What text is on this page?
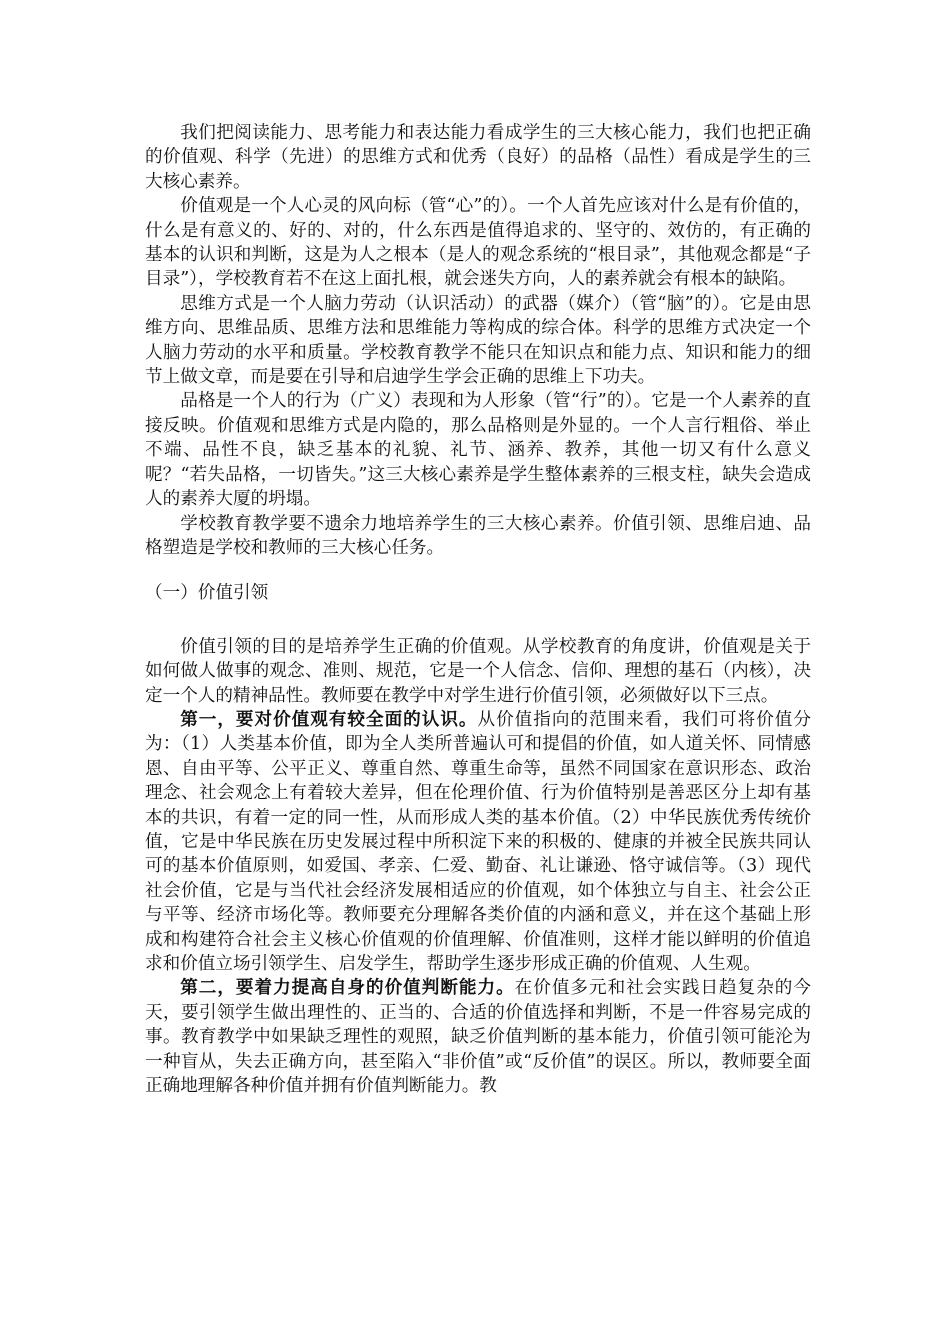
我们把阅读能力、思考能力和表达能力看成学生的三大核心能力，我们也把正确的价值观、科学（先进）的思维方式和优秀（良好）的品格（品性）看成是学生的三大核心素养。

价值观是一个人心灵的风向标（管“心”的）。一个人首先应该对什么是有价值的，什么是有意义的、好的、对的，什么东西是值得追求的、坚守的、效仿的，有正确的基本的认识和判断，这是为人之根本（是人的观念系统的“根目录”，其他观念都是“子目录”），学校教育若不在这上面扎根，就会迷失方向，人的素养就会有根本的缺陷。

思维方式是一个人脑力劳动（认识活动）的武器（媒介）（管“脑”的）。它是由思维方向、思维品质、思维方法和思维能力等构成的综合体。科学的思维方式决定一个人脑力劳动的水平和质量。学校教育教学不能只在知识点和能力点、知识和能力的细节上做文章，而是要在引导和启迪学生学会正确的思维上下功夫。

品格是一个人的行为（广义）表现和为人形象（管“行”的）。它是一个人素养的直接反映。价值观和思维方式是内隐的，那么品格则是外显的。一个人言行粗俗、举止不端、品性不良，缺乏基本的礼貌、礼节、涵养、教养，其他一切又有什么意义呢？“若失品格，一切皆失。”这三大核心素养是学生整体素养的三根支柱，缺失会造成人的素养大厦的坍塌。

学校教育教学要不遗余力地培养学生的三大核心素养。价值引领、思维启迪、品格塑造是学校和教师的三大核心任务。

（一）价值引领

价值引领的目的是培养学生正确的价值观。从学校教育的角度讲，价值观是关于如何做人做事的观念、准则、规范，它是一个人信念、信仰、理想的基石（内核），决定一个人的精神品性。教师要在教学中对学生进行价值引领，必须做好以下三点。

第一，要对价值观有较全面的认识。从价值指向的范围来看，我们可将价值分为：（1）人类基本价值，即为全人类所普遍认可和提倡的价值，如人道关怀、同情感恩、自由平等、公平正义、尊重自然、尊重生命等，虽然不同国家在意识形态、政治理念、社会观念上有着较大差异，但在伦理价值、行为价值特别是善恶区分上却有基本的共识，有着一定的同一性，从而形成人类的基本价值。（2）中华民族优秀传统价值，它是中华民族在历史发展过程中所积淀下来的积极的、健康的并被全民族共同认可的基本价值原则，如爱国、孝亲、仁爱、勤奋、礼让谦逊、恪守诚信等。（3）现代社会价值，它是与当代社会经济发展相适应的价值观，如个体独立与自主、社会公正与平等、经济市场化等。教师要充分理解各类价值的内涵和意义，并在这个基础上形成和构建符合社会主义核心价值观的价值理解、价值准则，这样才能以鲜明的价值追求和价值立场引领学生、启发学生，帮助学生逐步形成正确的价值观、人生观。

第二，要着力提高自身的价值判断能力。在价值多元和社会实践日趋复杂的今天，要引领学生做出理性的、正当的、合适的价值选择和判断，不是一件容易完成的事。教育教学中如果缺乏理性的观照，缺乏价值判断的基本能力，价值引领可能沦为一种盲从，失去正确方向，甚至陷入“非价值”或“反价值”的误区。所以，教师要全面正确地理解各种价值并拥有价值判断能力。教
